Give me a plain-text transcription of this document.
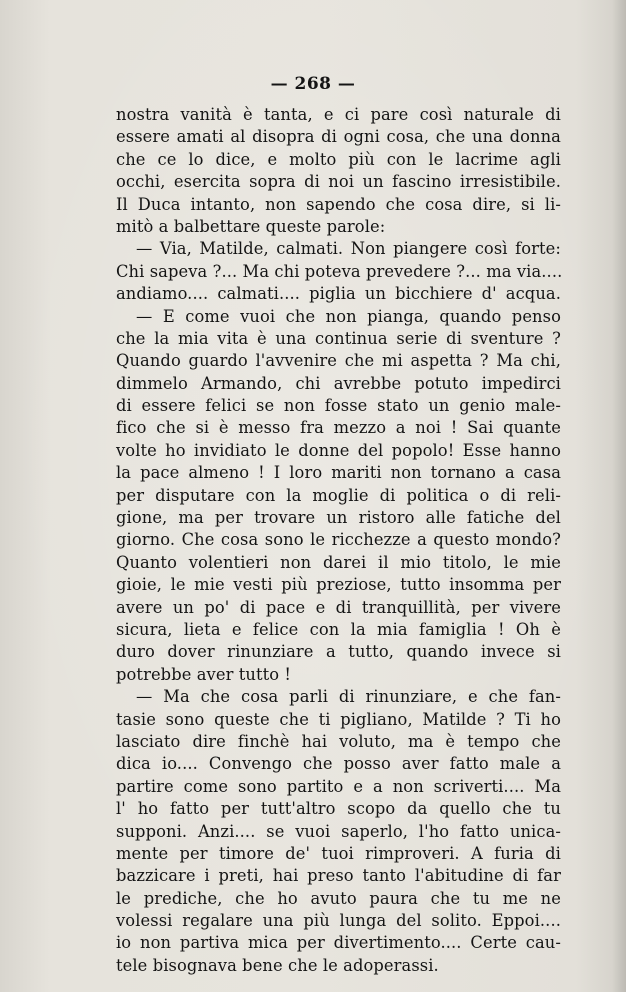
— 268 —
nostra vanità è tanta, e ci pare così naturale di
essere amati al disopra di ogni cosa, che una donna
che ce lo dice, e molto più con le lacrime agli
occhi, esercita sopra di noi un fascino irresistibile.
Il Duca intanto, non sapendo che cosa dire, si li-
mitò a balbettare queste parole:
— Via, Matilde, calmati. Non piangere così forte:
Chi sapeva ?... Ma chi poteva prevedere ?... ma via....
andiamo.... calmati.... piglia un bicchiere d' acqua.
— E come vuoi che non pianga, quando penso
che la mia vita è una continua serie di sventure ?
Quando guardo l'avvenire che mi aspetta ? Ma chi,
dimmelo Armando, chi avrebbe potuto impedirci
di essere felici se non fosse stato un genio male-
fico che si è messo fra mezzo a noi ! Sai quante
volte ho invidiato le donne del popolo! Esse hanno
la pace almeno ! I loro mariti non tornano a casa
per disputare con la moglie di politica o di reli-
gione, ma per trovare un ristoro alle fatiche del
giorno. Che cosa sono le ricchezze a questo mondo?
Quanto volentieri non darei il mio titolo, le mie
gioie, le mie vesti più preziose, tutto insomma per
avere un po' di pace e di tranquillità, per vivere
sicura, lieta e felice con la mia famiglia ! Oh è
duro dover rinunziare a tutto, quando invece si
potrebbe aver tutto !
— Ma che cosa parli di rinunziare, e che fan-
tasie sono queste che ti pigliano, Matilde ? Ti ho
lasciato dire finchè hai voluto, ma è tempo che
dica io.... Convengo che posso aver fatto male a
partire come sono partito e a non scriverti.... Ma
l' ho fatto per tutt'altro scopo da quello che tu
supponi. Anzi.... se vuoi saperlo, l'ho fatto unica-
mente per timore de' tuoi rimproveri. A furia di
bazzicare i preti, hai preso tanto l'abitudine di far
le prediche, che ho avuto paura che tu me ne
volessi regalare una più lunga del solito. Eppoi....
io non partiva mica per divertimento.... Certe cau-
tele bisognava bene che le adoperassi.
